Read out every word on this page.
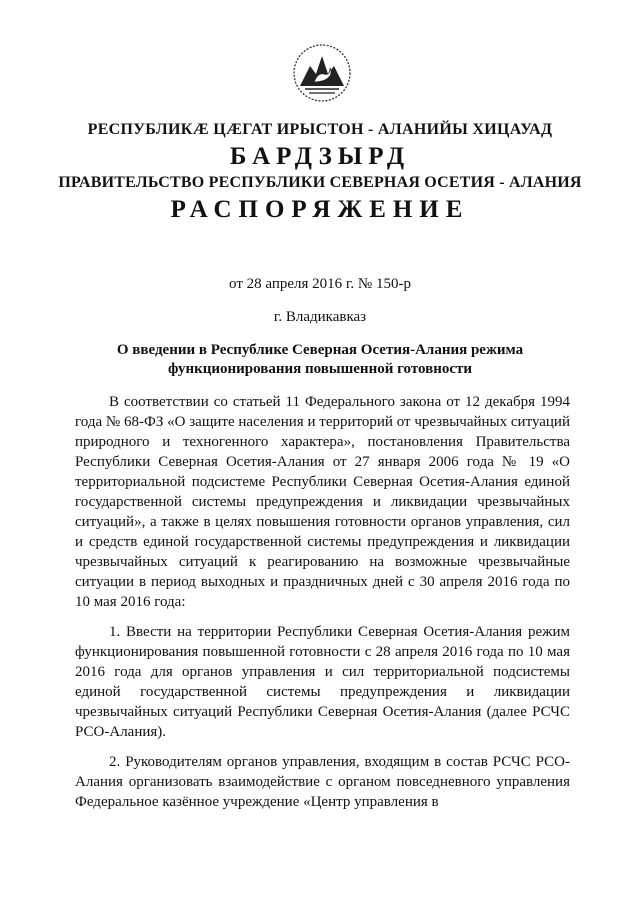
РЕСПУБЛИКӔ ЦӔГАТ ИРЫСТОН - АЛАНИЙЫ ХИЦАУАД
БАРДЗЫРД
ПРАВИТЕЛЬСТВО РЕСПУБЛИКИ СЕВЕРНАЯ ОСЕТИЯ - АЛАНИЯ
РАСПОРЯЖЕНИЕ
от 28 апреля 2016 г. № 150-р
г. Владикавказ
О введении в Республике Северная Осетия-Алания режима функционирования повышенной готовности

В соответствии со статьей 11 Федерального закона от 12 декабря 1994 года № 68-ФЗ «О защите населения и территорий от чрезвычайных ситуаций природного и техногенного характера», постановления Правительства Республики Северная Осетия-Алания от 27 января 2006 года № 19 «О территориальной подсистеме Республики Северная Осетия-Алания единой государственной системы предупреждения и ликвидации чрезвычайных ситуаций», а также в целях повышения готовности органов управления, сил и средств единой государственной системы предупреждения и ликвидации чрезвычайных ситуаций к реагированию на возможные чрезвычайные ситуации в период выходных и праздничных дней с 30 апреля 2016 года по 10 мая 2016 года:

1. Ввести на территории Республики Северная Осетия-Алания режим функционирования повышенной готовности с 28 апреля 2016 года по 10 мая 2016 года для органов управления и сил территориальной подсистемы единой государственной системы предупреждения и ликвидации чрезвычайных ситуаций Республики Северная Осетия-Алания (далее РСЧС РСО-Алания).

2. Руководителям органов управления, входящим в состав РСЧС РСО-Алания организовать взаимодействие с органом повседневного управления Федеральное казённое учреждение «Центр управления в
